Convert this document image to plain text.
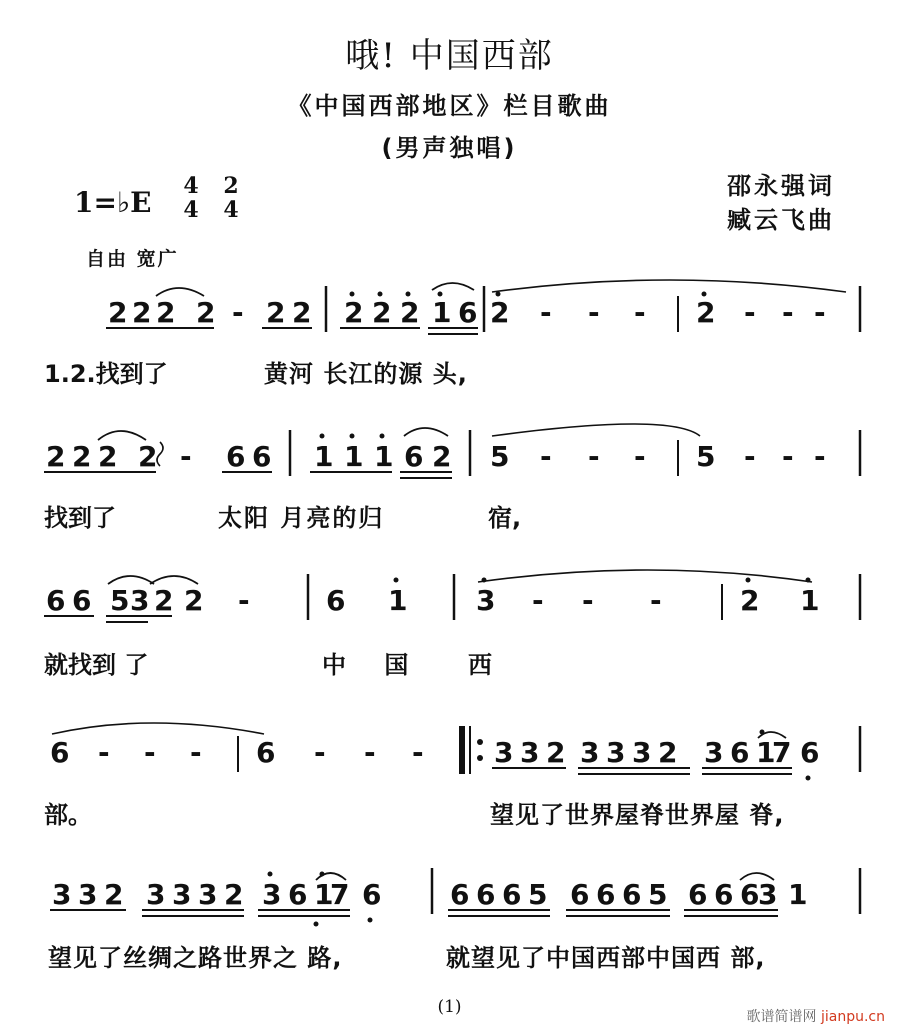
哦! 中国西部
《中国西部地区》栏目歌曲
(男声独唱)
1=♭E 4
4
2
4
邵永强词
臧云飞曲
自由 宽广
2 2 2 2 - 2 2 2 2 2 1 6 2 - - - 2 - - -
2 2 2 2 - 6 6 1 1 1 6 2 5 - - - 5 - - -
6 6 5 3 2 2 -	6 1 3 - - -	2 1
6 - - - 6 - - -	3 3 2 3 3 3 2 3 6 1
7 6
3 3 2 3 3 3 2 3 6 1
7 6 6 6 6 5 6 6 6 5 6 6 6
3 1
1.2.找到了	黄河 长江的源 头,
找到了	太阳 月亮的归	宿,
就找到 了	中 国 西
部。	望见了世界屋脊世界屋 脊,
望见了丝绸之路世界之 路,	就望见了中国西部中国西 部,
(1)	歌谱简谱网 jianpu.cn
